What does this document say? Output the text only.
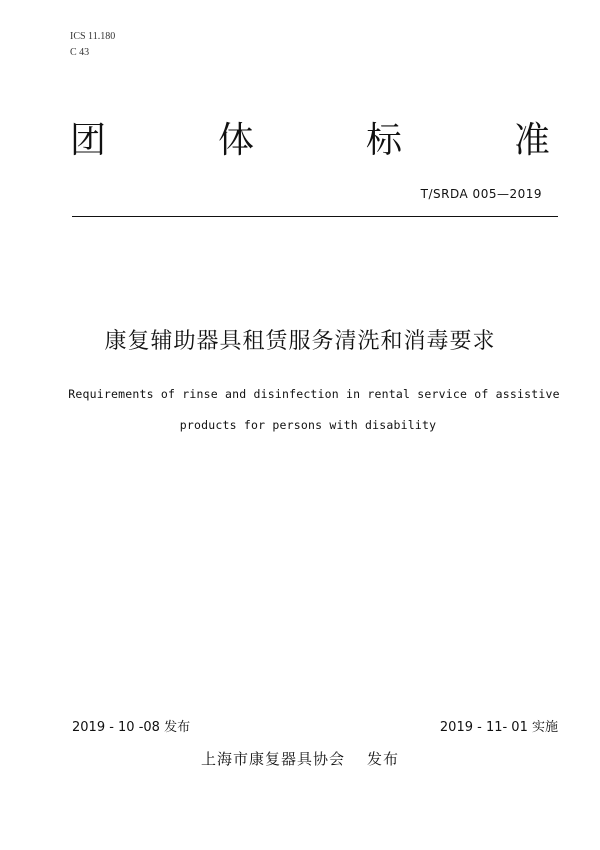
ICS 11.180
C 43
团	体	标	准
T/SRDA 005—2019
康复辅助器具租赁服务清洗和消毒要求
Requirements of rinse and disinfection in rental service of assistive
products for persons with disability
2019 - 10 -08 发布	2019 - 11- 01 实施
上海市康复器具协会 发布
